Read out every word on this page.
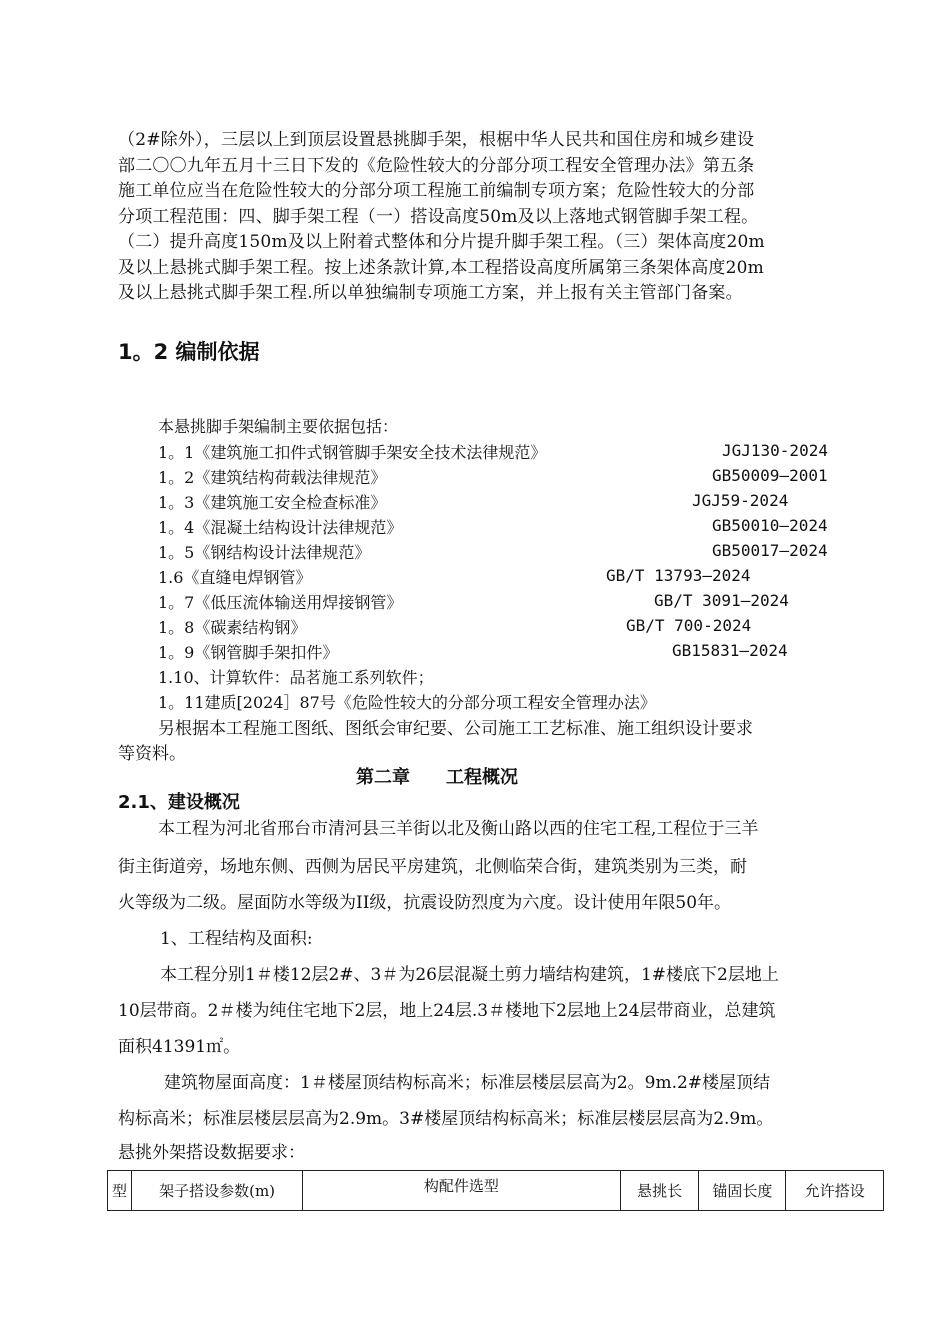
（2#除外），三层以上到顶层设置悬挑脚手架，根椐中华人民共和国住房和城乡建设
部二〇〇九年五月十三日下发的《危险性较大的分部分项工程安全管理办法》第五条
施工单位应当在危险性较大的分部分项工程施工前编制专项方案；危险性较大的分部
分项工程范围：四、脚手架工程（一）搭设高度50m及以上落地式钢管脚手架工程。
（二）提升高度150m及以上附着式整体和分片提升脚手架工程。（三）架体高度20m
及以上悬挑式脚手架工程。按上述条款计算,本工程搭设高度所属第三条架体高度20m
及以上悬挑式脚手架工程.所以单独编制专项施工方案，并上报有关主管部门备案。
1。2 编制依据
本悬挑脚手架编制主要依据包括：
1。1《建筑施工扣件式钢管脚手架安全技术法律规范》	JGJ130-2024
1。2《建筑结构荷载法律规范》	GB50009—2001
1。3《建筑施工安全检查标准》	JGJ59-2024
1。4《混凝土结构设计法律规范》	GB50010—2024
1。5《钢结构设计法律规范》	GB50017—2024
1.6《直缝电焊钢管》	GB/T 13793—2024
1。7《低压流体输送用焊接钢管》	GB/T 3091—2024
1。8《碳素结构钢》	GB/T 700-2024
1。9《钢管脚手架扣件》	GB15831—2024
1.10、计算软件：品茗施工系列软件；
1。11建质[2024］87号《危险性较大的分部分项工程安全管理办法》
另根据本工程施工图纸、图纸会审纪要、公司施工工艺标准、施工组织设计要求
等资料。
第二章　　工程概况
2.1、建设概况
本工程为河北省邢台市清河县三羊街以北及衡山路以西的住宅工程,工程位于三羊
街主街道旁，场地东侧、西侧为居民平房建筑，北侧临荣合街，建筑类别为三类，耐
火等级为二级。屋面防水等级为II级，抗震设防烈度为六度。设计使用年限50年。
1、工程结构及面积:
本工程分别1＃楼12层2#、3＃为26层混凝土剪力墙结构建筑，1#楼底下2层地上
10层带商。2＃楼为纯住宅地下2层，地上24层.3＃楼地下2层地上24层带商业，总建筑
面积41391㎡。
建筑物屋面高度：1＃楼屋顶结构标高米；标准层楼层层高为2。9m.2#楼屋顶结
构标高米；标准层楼层层高为2.9m。3#楼屋顶结构标高米；标准层楼层层高为2.9m。
悬挑外架搭设数据要求：
型	架子搭设参数(m)	构配件选型	悬挑长	锚固长度	允许搭设
